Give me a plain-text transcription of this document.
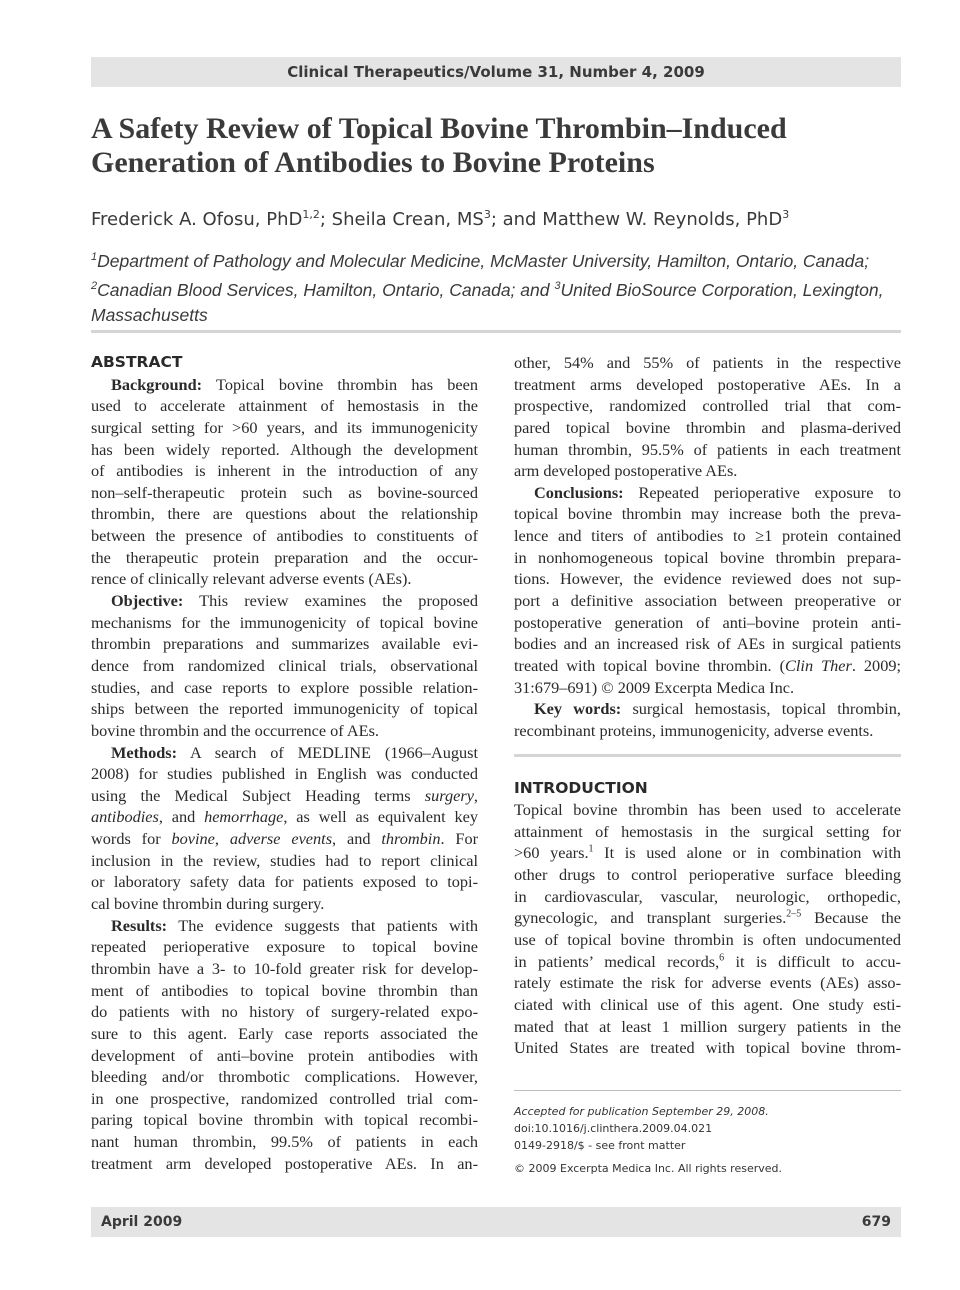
Clinical Therapeutics/Volume 31, Number 4, 2009
A Safety Review of Topical Bovine Thrombin–Induced
Generation of Antibodies to Bovine Proteins
Frederick A. Ofosu, PhD$^{1,2}$; Sheila Crean, $MS^3$; and Matthew W. Reynolds, PhD$^3$
$^1$Department of Pathology and Molecular Medicine, McMaster University, Hamilton, Ontario, Canada;
$^2$Canadian Blood Services, Hamilton, Ontario, Canada; and $^3$United BioSource Corporation, Lexington,
Massachusetts
ABSTRACT
Background: Topical bovine thrombin has been
used to accelerate attainment of hemostasis in the
surgical setting for >60 years, and its immunogenicity
has been widely reported. Although the development
of antibodies is inherent in the introduction of any
non–self-therapeutic protein such as bovine-sourced
thrombin, there are questions about the relationship
between the presence of antibodies to constituents of
the therapeutic protein preparation and the occur-
rence of clinically relevant adverse events (AEs).
Objective: This review examines the proposed
mechanisms for the immunogenicity of topical bovine
thrombin preparations and summarizes available evi-
dence from randomized clinical trials, observational
studies, and case reports to explore possible relation-
ships between the reported immunogenicity of topical
bovine thrombin and the occurrence of AEs.
Methods: A search of MEDLINE (1966–August
2008) for studies published in English was conducted
using the Medical Subject Heading terms surgery,
antibodies, and hemorrhage, as well as equivalent key
words for bovine, adverse events, and thrombin. For
inclusion in the review, studies had to report clinical
or laboratory safety data for patients exposed to topi-
cal bovine thrombin during surgery.
Results: The evidence suggests that patients with
repeated perioperative exposure to topical bovine
thrombin have a 3- to 10-fold greater risk for develop-
ment of antibodies to topical bovine thrombin than
do patients with no history of surgery-related expo-
sure to this agent. Early case reports associated the
development of anti–bovine protein antibodies with
bleeding and/or thrombotic complications. However,
in one prospective, randomized controlled trial com-
paring topical bovine thrombin with topical recombi-
nant human thrombin, 99.5% of patients in each
treatment arm developed postoperative AEs. In an-
other, 54% and 55% of patients in the respective
treatment arms developed postoperative AEs. In a
prospective, randomized controlled trial that com-
pared topical bovine thrombin and plasma-derived
human thrombin, 95.5% of patients in each treatment
arm developed postoperative AEs.
Conclusions: Repeated perioperative exposure to
topical bovine thrombin may increase both the preva-
lence and titers of antibodies to ≥1 protein contained
in nonhomogeneous topical bovine thrombin prepara-
tions. However, the evidence reviewed does not sup-
port a definitive association between preoperative or
postoperative generation of anti–bovine protein anti-
bodies and an increased risk of AEs in surgical patients
treated with topical bovine thrombin. (Clin Ther. 2009;
31:679–691) © 2009 Excerpta Medica Inc.
Key words: surgical hemostasis, topical thrombin,
recombinant proteins, immunogenicity, adverse events.
INTRODUCTION
Topical bovine thrombin has been used to accelerate
attainment of hemostasis in the surgical setting for
>60 years.$^1$ It is used alone or in combination with
other drugs to control perioperative surface bleeding
in cardiovascular, vascular, neurologic, orthopedic,
gynecologic, and transplant surgeries.$^{2-5}$ Because the
use of topical bovine thrombin is often undocumented
in patients’ medical records,$^6$ it is difficult to accu-
rately estimate the risk for adverse events (AEs) asso-
ciated with clinical use of this agent. One study esti-
mated that at least 1 million surgery patients in the
United States are treated with topical bovine throm-
Accepted for publication September 29, 2008.
doi:10.1016/j.clinthera.2009.04.021
0149-2918/$ - see front matter
© 2009 Excerpta Medica Inc. All rights reserved.
April 2009	679
